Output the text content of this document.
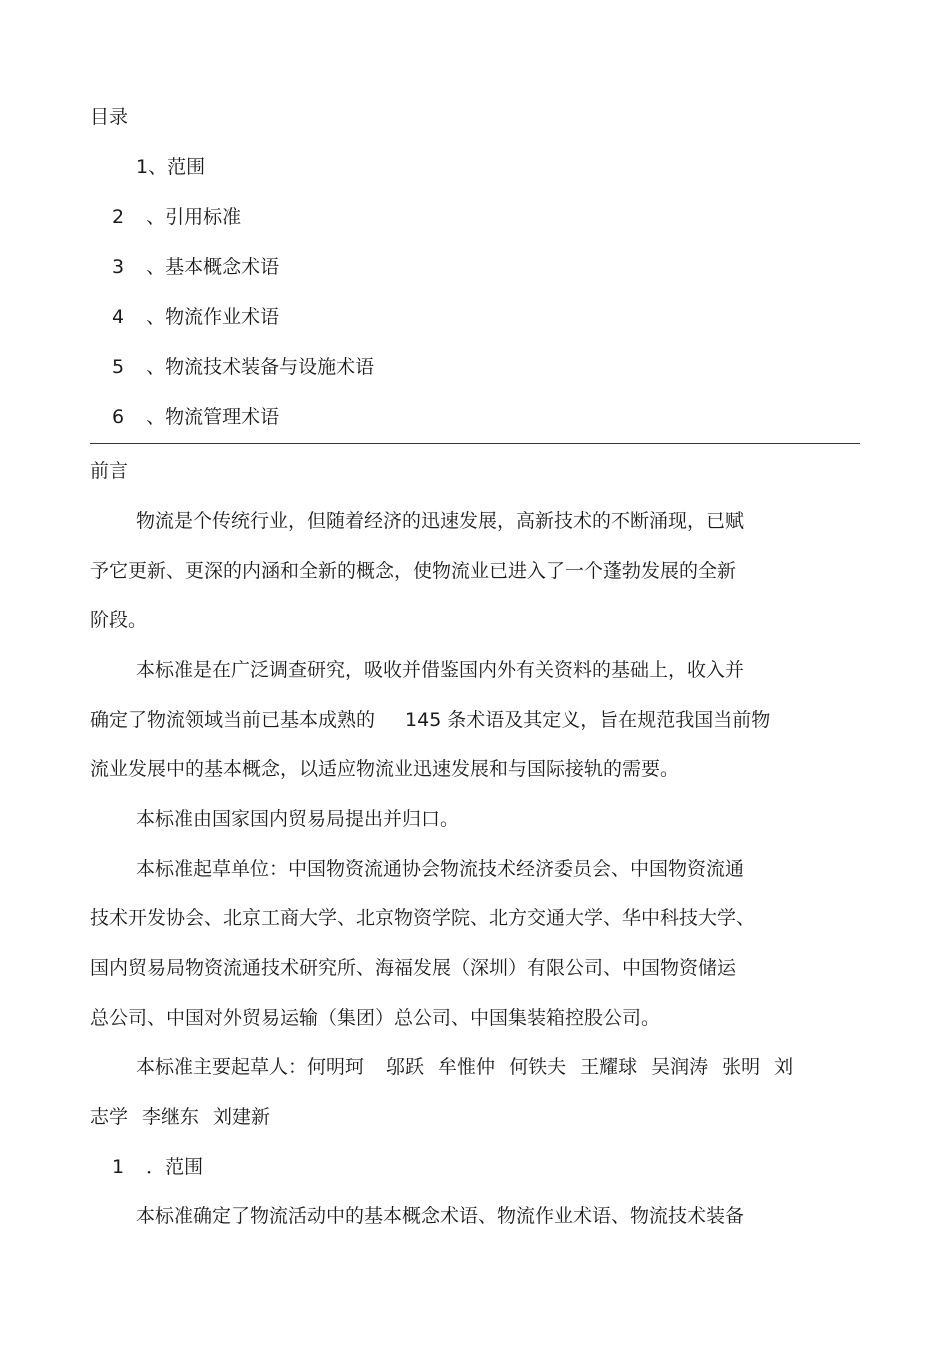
目录
1、范围
2 、引用标准
3 、基本概念术语
4 、物流作业术语
5 、物流技术装备与设施术语
6 、物流管理术语
前言
物流是个传统行业，但随着经济的迅速发展，高新技术的不断涌现，已赋
予它更新、更深的内涵和全新的概念，使物流业已进入了一个蓬勃发展的全新
阶段。
本标准是在广泛调查研究，吸收并借鉴国内外有关资料的基础上，收入并
确定了物流领域当前已基本成熟的 145 条术语及其定义，旨在规范我国当前物
流业发展中的基本概念，以适应物流业迅速发展和与国际接轨的需要。
本标准由国家国内贸易局提出并归口。
本标准起草单位：中国物资流通协会物流技术经济委员会、中国物资流通
技术开发协会、北京工商大学、北京物资学院、北方交通大学、华中科技大学、
国内贸易局物资流通技术研究所、海福发展（深圳）有限公司、中国物资储运
总公司、中国对外贸易运输（集团）总公司、中国集装箱控股公司。
本标准主要起草人：何明珂 邬跃 牟惟仲 何铁夫 王耀球 吴润涛 张明 刘
志学 李继东 刘建新
1 ．范围
本标准确定了物流活动中的基本概念术语、物流作业术语、物流技术装备
